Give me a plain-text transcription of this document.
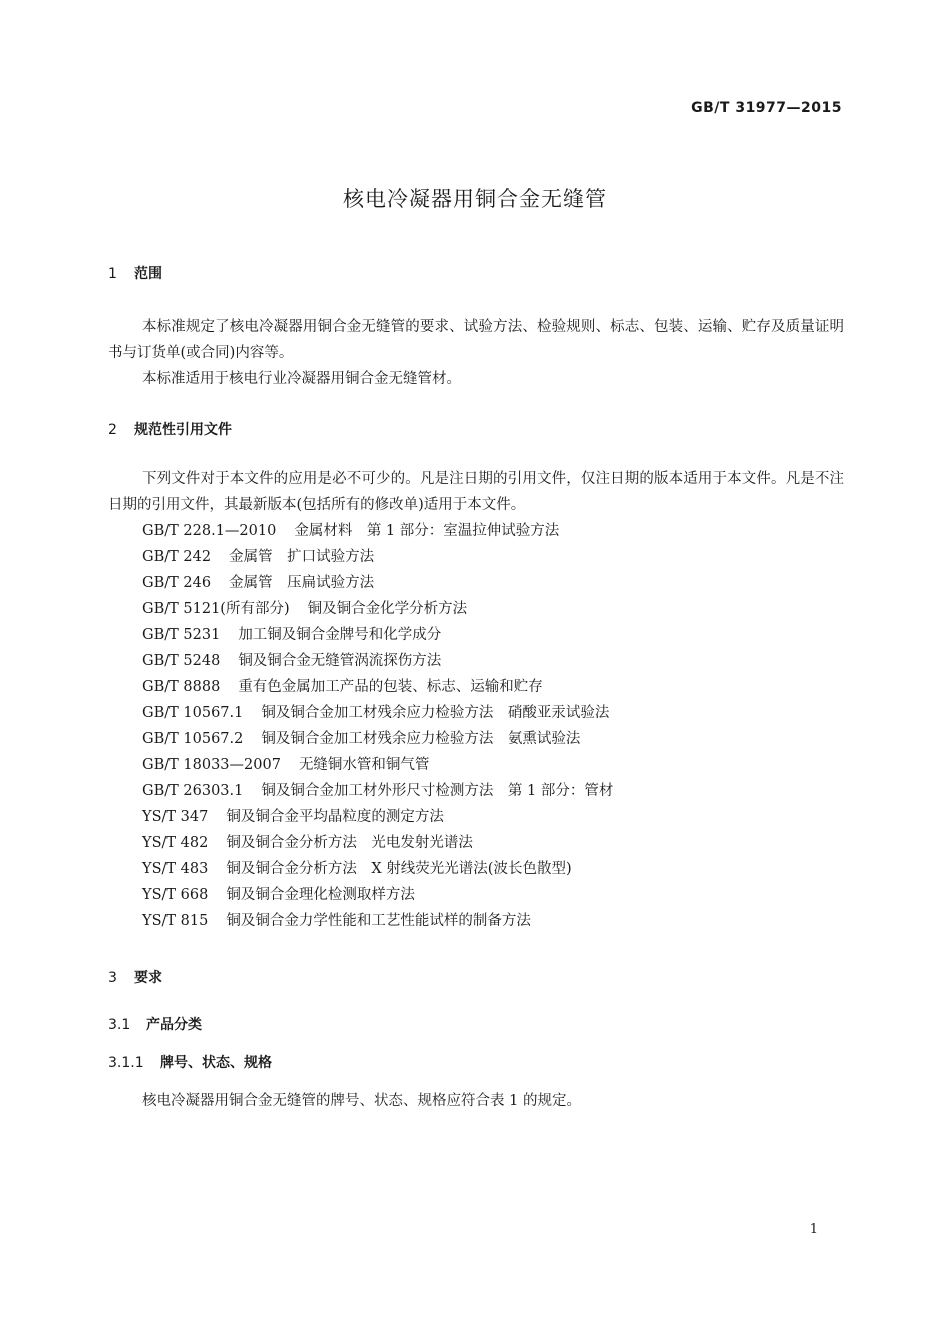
GB/T 31977—2015
核电冷凝器用铜合金无缝管
1 范围
本标准规定了核电冷凝器用铜合金无缝管的要求、试验方法、检验规则、标志、包装、运输、贮存及质量证明书与订货单(或合同)内容等。
本标准适用于核电行业冷凝器用铜合金无缝管材。
2 规范性引用文件
下列文件对于本文件的应用是必不可少的。凡是注日期的引用文件，仅注日期的版本适用于本文件。凡是不注日期的引用文件，其最新版本(包括所有的修改单)适用于本文件。
GB/T 228.1—2010 金属材料　第 1 部分：室温拉伸试验方法
GB/T 242 金属管　扩口试验方法
GB/T 246 金属管　压扁试验方法
GB/T 5121(所有部分) 铜及铜合金化学分析方法
GB/T 5231 加工铜及铜合金牌号和化学成分
GB/T 5248 铜及铜合金无缝管涡流探伤方法
GB/T 8888 重有色金属加工产品的包装、标志、运输和贮存
GB/T 10567.1 铜及铜合金加工材残余应力检验方法　硝酸亚汞试验法
GB/T 10567.2 铜及铜合金加工材残余应力检验方法　氨熏试验法
GB/T 18033—2007 无缝铜水管和铜气管
GB/T 26303.1 铜及铜合金加工材外形尺寸检测方法　第 1 部分：管材
YS/T 347 铜及铜合金平均晶粒度的测定方法
YS/T 482 铜及铜合金分析方法　光电发射光谱法
YS/T 483 铜及铜合金分析方法　X 射线荧光光谱法(波长色散型)
YS/T 668 铜及铜合金理化检测取样方法
YS/T 815 铜及铜合金力学性能和工艺性能试样的制备方法
3 要求
3.1 产品分类
3.1.1 牌号、状态、规格
核电冷凝器用铜合金无缝管的牌号、状态、规格应符合表 1 的规定。
1
